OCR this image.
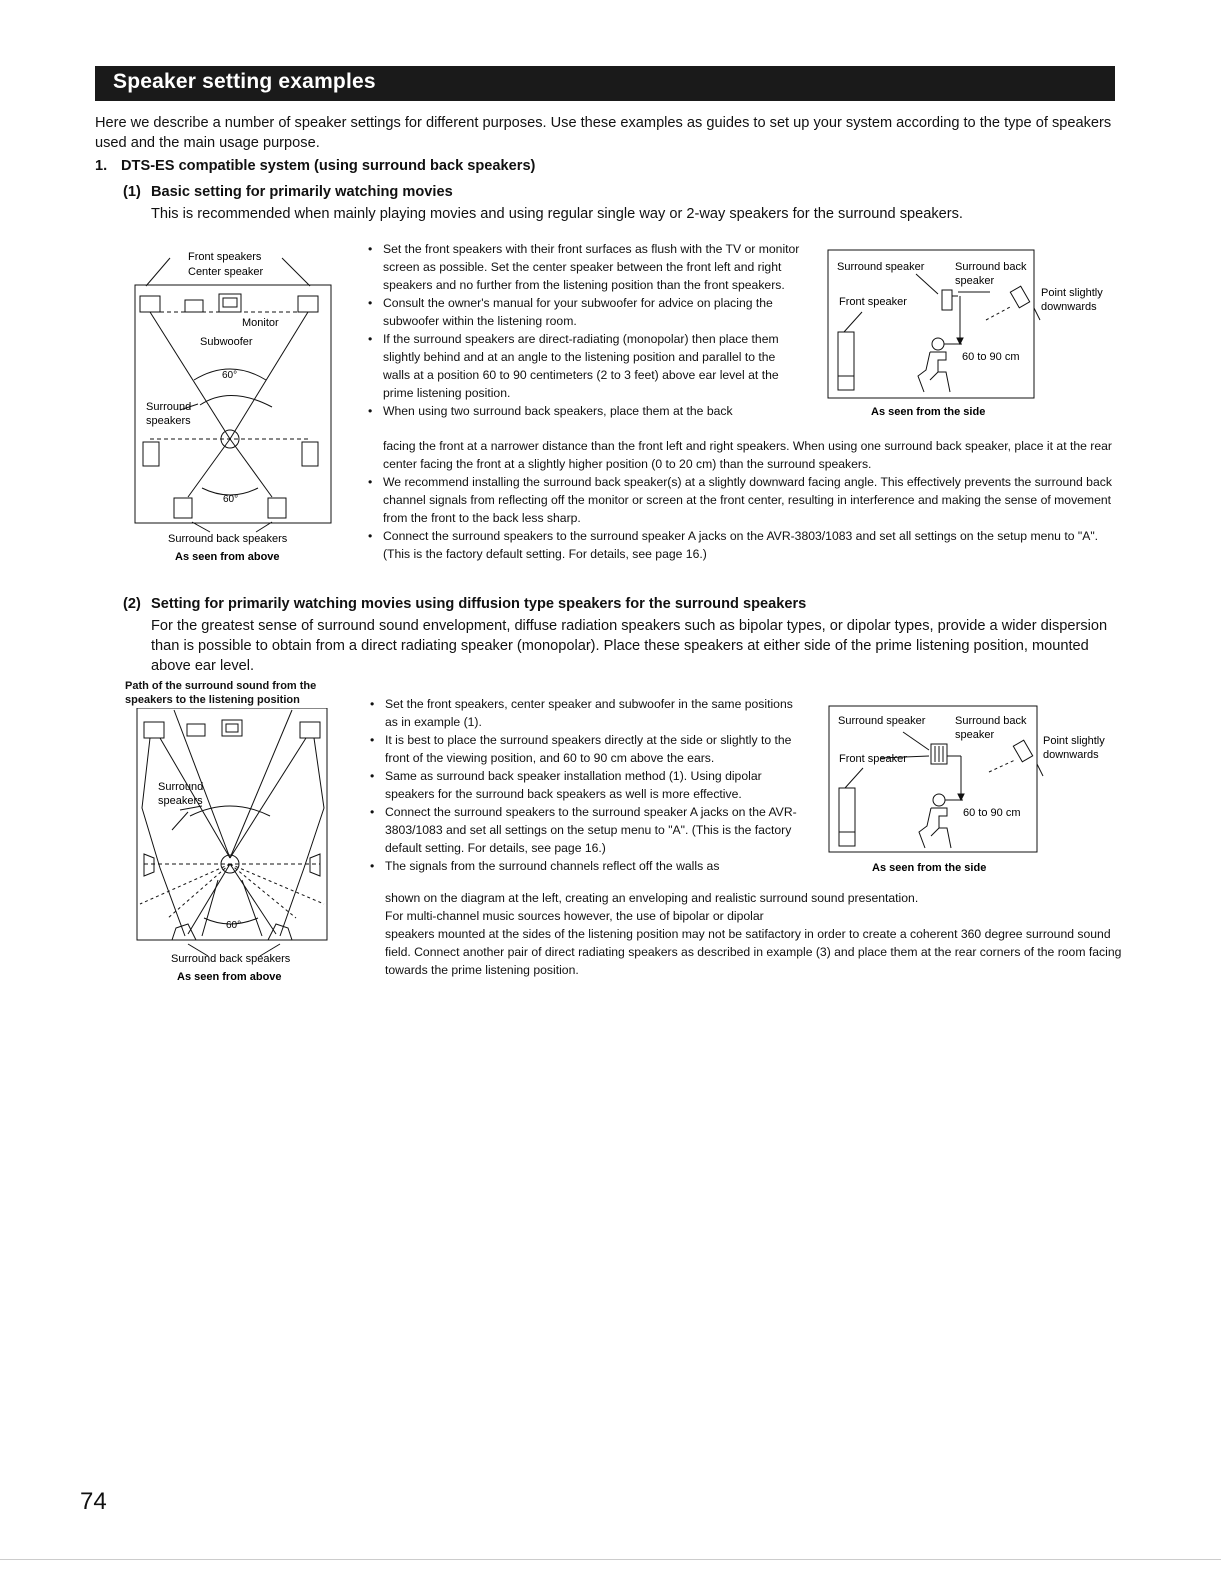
Speaker setting examples
Here we describe a number of speaker settings for different purposes. Use these examples as guides to set up your system according to the type of speakers used and the main usage purpose.
1. DTS-ES compatible system (using surround back speakers)
(1) Basic setting for primarily watching movies
This is recommended when mainly playing movies and using regular single way or 2-way speakers for the surround speakers.
Front speakers
Center speaker
Monitor
Subwoofer
60°
Surround
speakers
60°
Surround back speakers
As seen from above
• Set the front speakers with their front surfaces as flush with the TV or monitor screen as possible. Set the center speaker between the front left and right speakers and no further from the listening position than the front speakers.
• Consult the owner's manual for your subwoofer for advice on placing the subwoofer within the listening room.
• If the surround speakers are direct-radiating (monopolar) then place them slightly behind and at an angle to the listening position and parallel to the walls at a position 60 to 90 centimeters (2 to 3 feet) above ear level at the prime listening position.
• When using two surround back speakers, place them at the back
facing the front at a narrower distance than the front left and right speakers. When using one surround back speaker, place it at the rear center facing the front at a slightly higher position (0 to 20 cm) than the surround speakers.
• We recommend installing the surround back speaker(s) at a slightly downward facing angle. This effectively prevents the surround back channel signals from reflecting off the monitor or screen at the front center, resulting in interference and making the sense of movement from the front to the back less sharp.
• Connect the surround speakers to the surround speaker A jacks on the AVR-3803/1083 and set all settings on the setup menu to "A". (This is the factory default setting. For details, see page 16.)
Surround speaker	Surround back
speaker
Front speaker
Point slightly
downwards
60 to 90 cm
As seen from the side
(2) Setting for primarily watching movies using diffusion type speakers for the surround speakers
For the greatest sense of surround sound envelopment, diffuse radiation speakers such as bipolar types, or dipolar types, provide a wider dispersion than is possible to obtain from a direct radiating speaker (monopolar). Place these speakers at either side of the prime listening position, mounted above ear level.
Path of the surround sound from the
speakers to the listening position
Surround
speakers
60°
Surround back speakers
As seen from above
• Set the front speakers, center speaker and subwoofer in the same positions as in example (1).
• It is best to place the surround speakers directly at the side or slightly to the front of the viewing position, and 60 to 90 cm above the ears.
• Same as surround back speaker installation method (1). Using dipolar speakers for the surround back speakers as well is more effective.
• Connect the surround speakers to the surround speaker A jacks on the AVR-3803/1083 and set all settings on the setup menu to "A". (This is the factory default setting. For details, see page 16.)
• The signals from the surround channels reflect off the walls as
shown on the diagram at the left, creating an enveloping and realistic surround sound presentation.
For multi-channel music sources however, the use of bipolar or dipolar
speakers mounted at the sides of the listening position may not be satifactory in order to create a coherent 360 degree surround sound field. Connect another pair of direct radiating speakers as described in example (3) and place them at the rear corners of the room facing towards the prime listening position.
Surround speaker	Surround back
speaker
Front speaker
Point slightly
downwards
60 to 90 cm
As seen from the side
74
